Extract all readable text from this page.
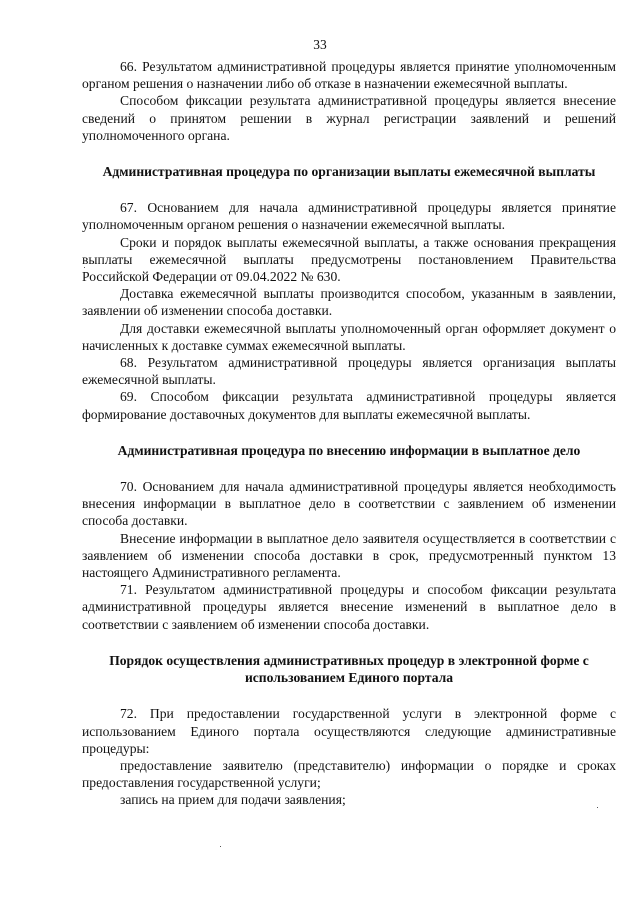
33

66. Результатом административной процедуры является принятие уполномоченным органом решения о назначении либо об отказе в назначении ежемесячной выплаты.

Способом фиксации результата административной процедуры является внесение сведений о принятом решении в журнал регистрации заявлений и решений уполномоченного органа.

Административная процедура по организации выплаты ежемесячной выплаты

67. Основанием для начала административной процедуры является принятие уполномоченным органом решения о назначении ежемесячной выплаты.

Сроки и порядок выплаты ежемесячной выплаты, а также основания прекращения выплаты ежемесячной выплаты предусмотрены постановлением Правительства Российской Федерации от 09.04.2022 № 630.

Доставка ежемесячной выплаты производится способом, указанным в заявлении, заявлении об изменении способа доставки.

Для доставки ежемесячной выплаты уполномоченный орган оформляет документ о начисленных к доставке суммах ежемесячной выплаты.

68. Результатом административной процедуры является организация выплаты ежемесячной выплаты.

69. Способом фиксации результата административной процедуры является формирование доставочных документов для выплаты ежемесячной выплаты.

Административная процедура по внесению информации в выплатное дело

70. Основанием для начала административной процедуры является необходимость внесения информации в выплатное дело в соответствии с заявлением об изменении способа доставки.

Внесение информации в выплатное дело заявителя осуществляется в соответствии с заявлением об изменении способа доставки в срок, предусмотренный пунктом 13 настоящего Административного регламента.

71. Результатом административной процедуры и способом фиксации результата административной процедуры является внесение изменений в выплатное дело в соответствии с заявлением об изменении способа доставки.

Порядок осуществления административных процедур в электронной форме с использованием Единого портала

72. При предоставлении государственной услуги в электронной форме с использованием Единого портала осуществляются следующие административные процедуры:

предоставление заявителю (представителю) информации о порядке и сроках предоставления государственной услуги;

запись на прием для подачи заявления;
